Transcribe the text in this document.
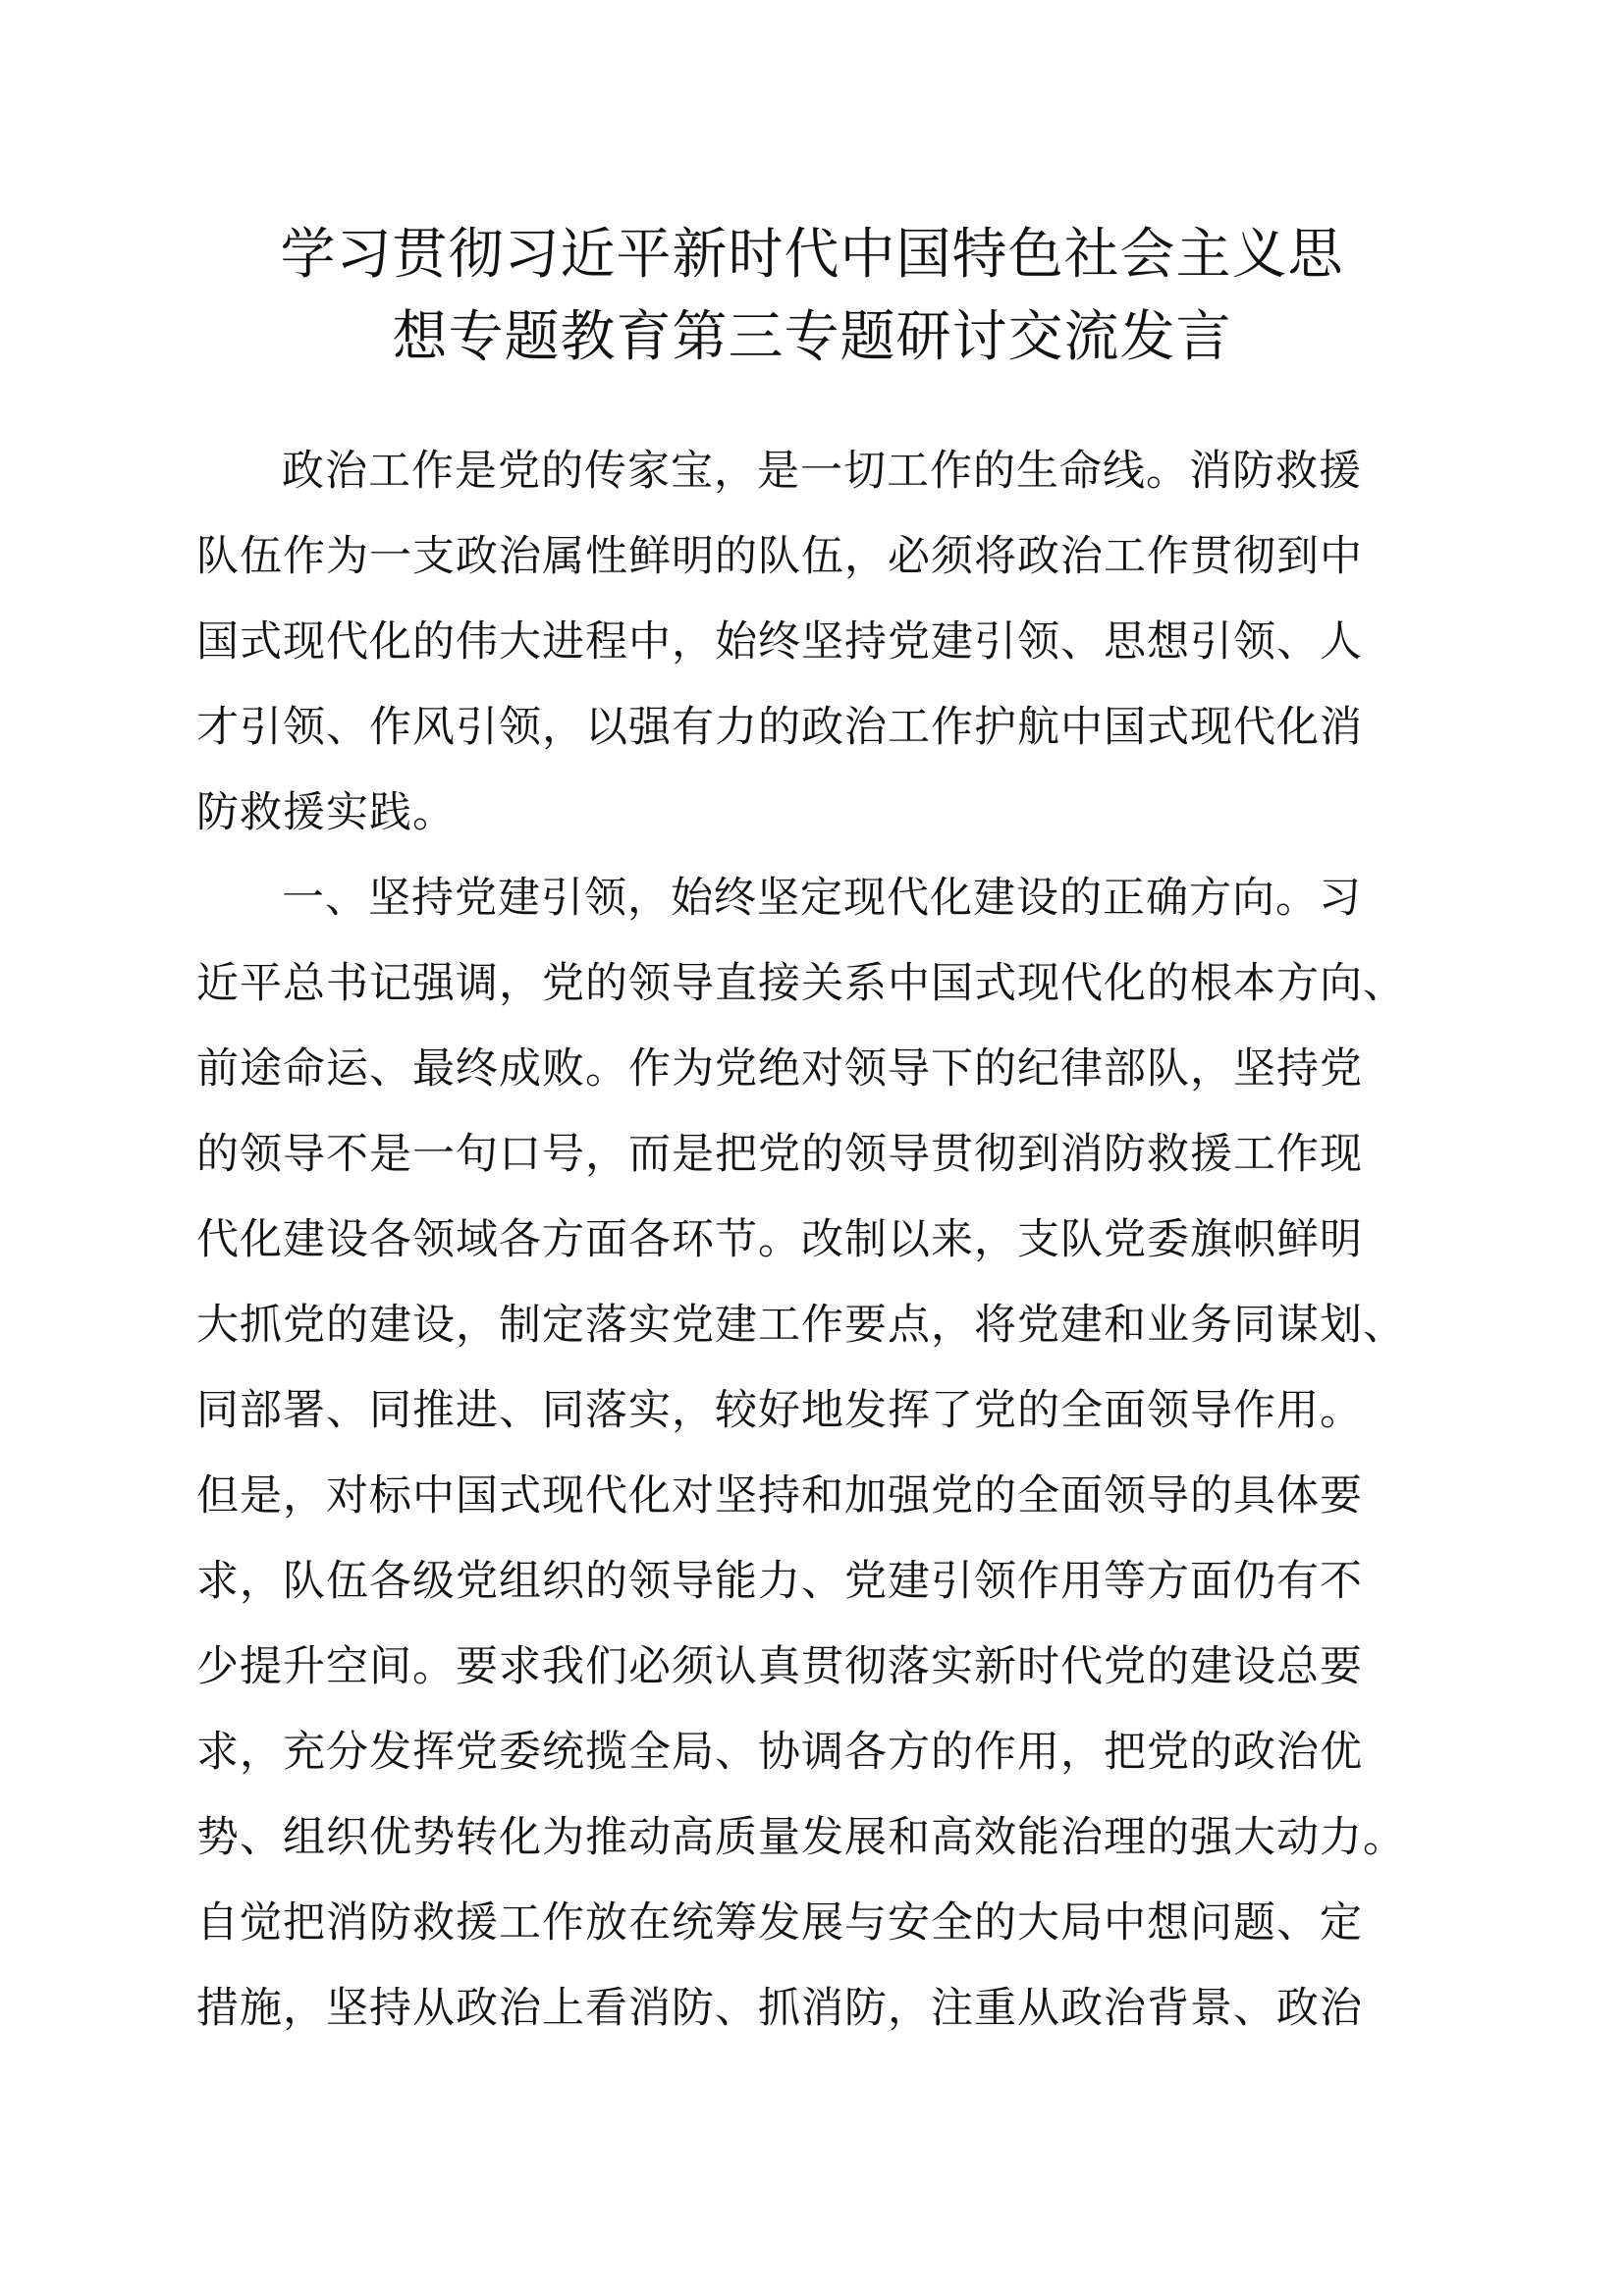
学习贯彻习近平新时代中国特色社会主义思
想专题教育第三专题研讨交流发言

政治工作是党的传家宝，是一切工作的生命线。消防救援
队伍作为一支政治属性鲜明的队伍，必须将政治工作贯彻到中
国式现代化的伟大进程中，始终坚持党建引领、思想引领、人
才引领、作风引领，以强有力的政治工作护航中国式现代化消
防救援实践。

一、坚持党建引领，始终坚定现代化建设的正确方向。习
近平总书记强调，党的领导直接关系中国式现代化的根本方向、
前途命运、最终成败。作为党绝对领导下的纪律部队，坚持党
的领导不是一句口号，而是把党的领导贯彻到消防救援工作现
代化建设各领域各方面各环节。改制以来，支队党委旗帜鲜明
大抓党的建设，制定落实党建工作要点，将党建和业务同谋划、
同部署、同推进、同落实，较好地发挥了党的全面领导作用。
但是，对标中国式现代化对坚持和加强党的全面领导的具体要
求，队伍各级党组织的领导能力、党建引领作用等方面仍有不
少提升空间。要求我们必须认真贯彻落实新时代党的建设总要
求，充分发挥党委统揽全局、协调各方的作用，把党的政治优
势、组织优势转化为推动高质量发展和高效能治理的强大动力。
自觉把消防救援工作放在统筹发展与安全的大局中想问题、定
措施，坚持从政治上看消防、抓消防，注重从政治背景、政治
